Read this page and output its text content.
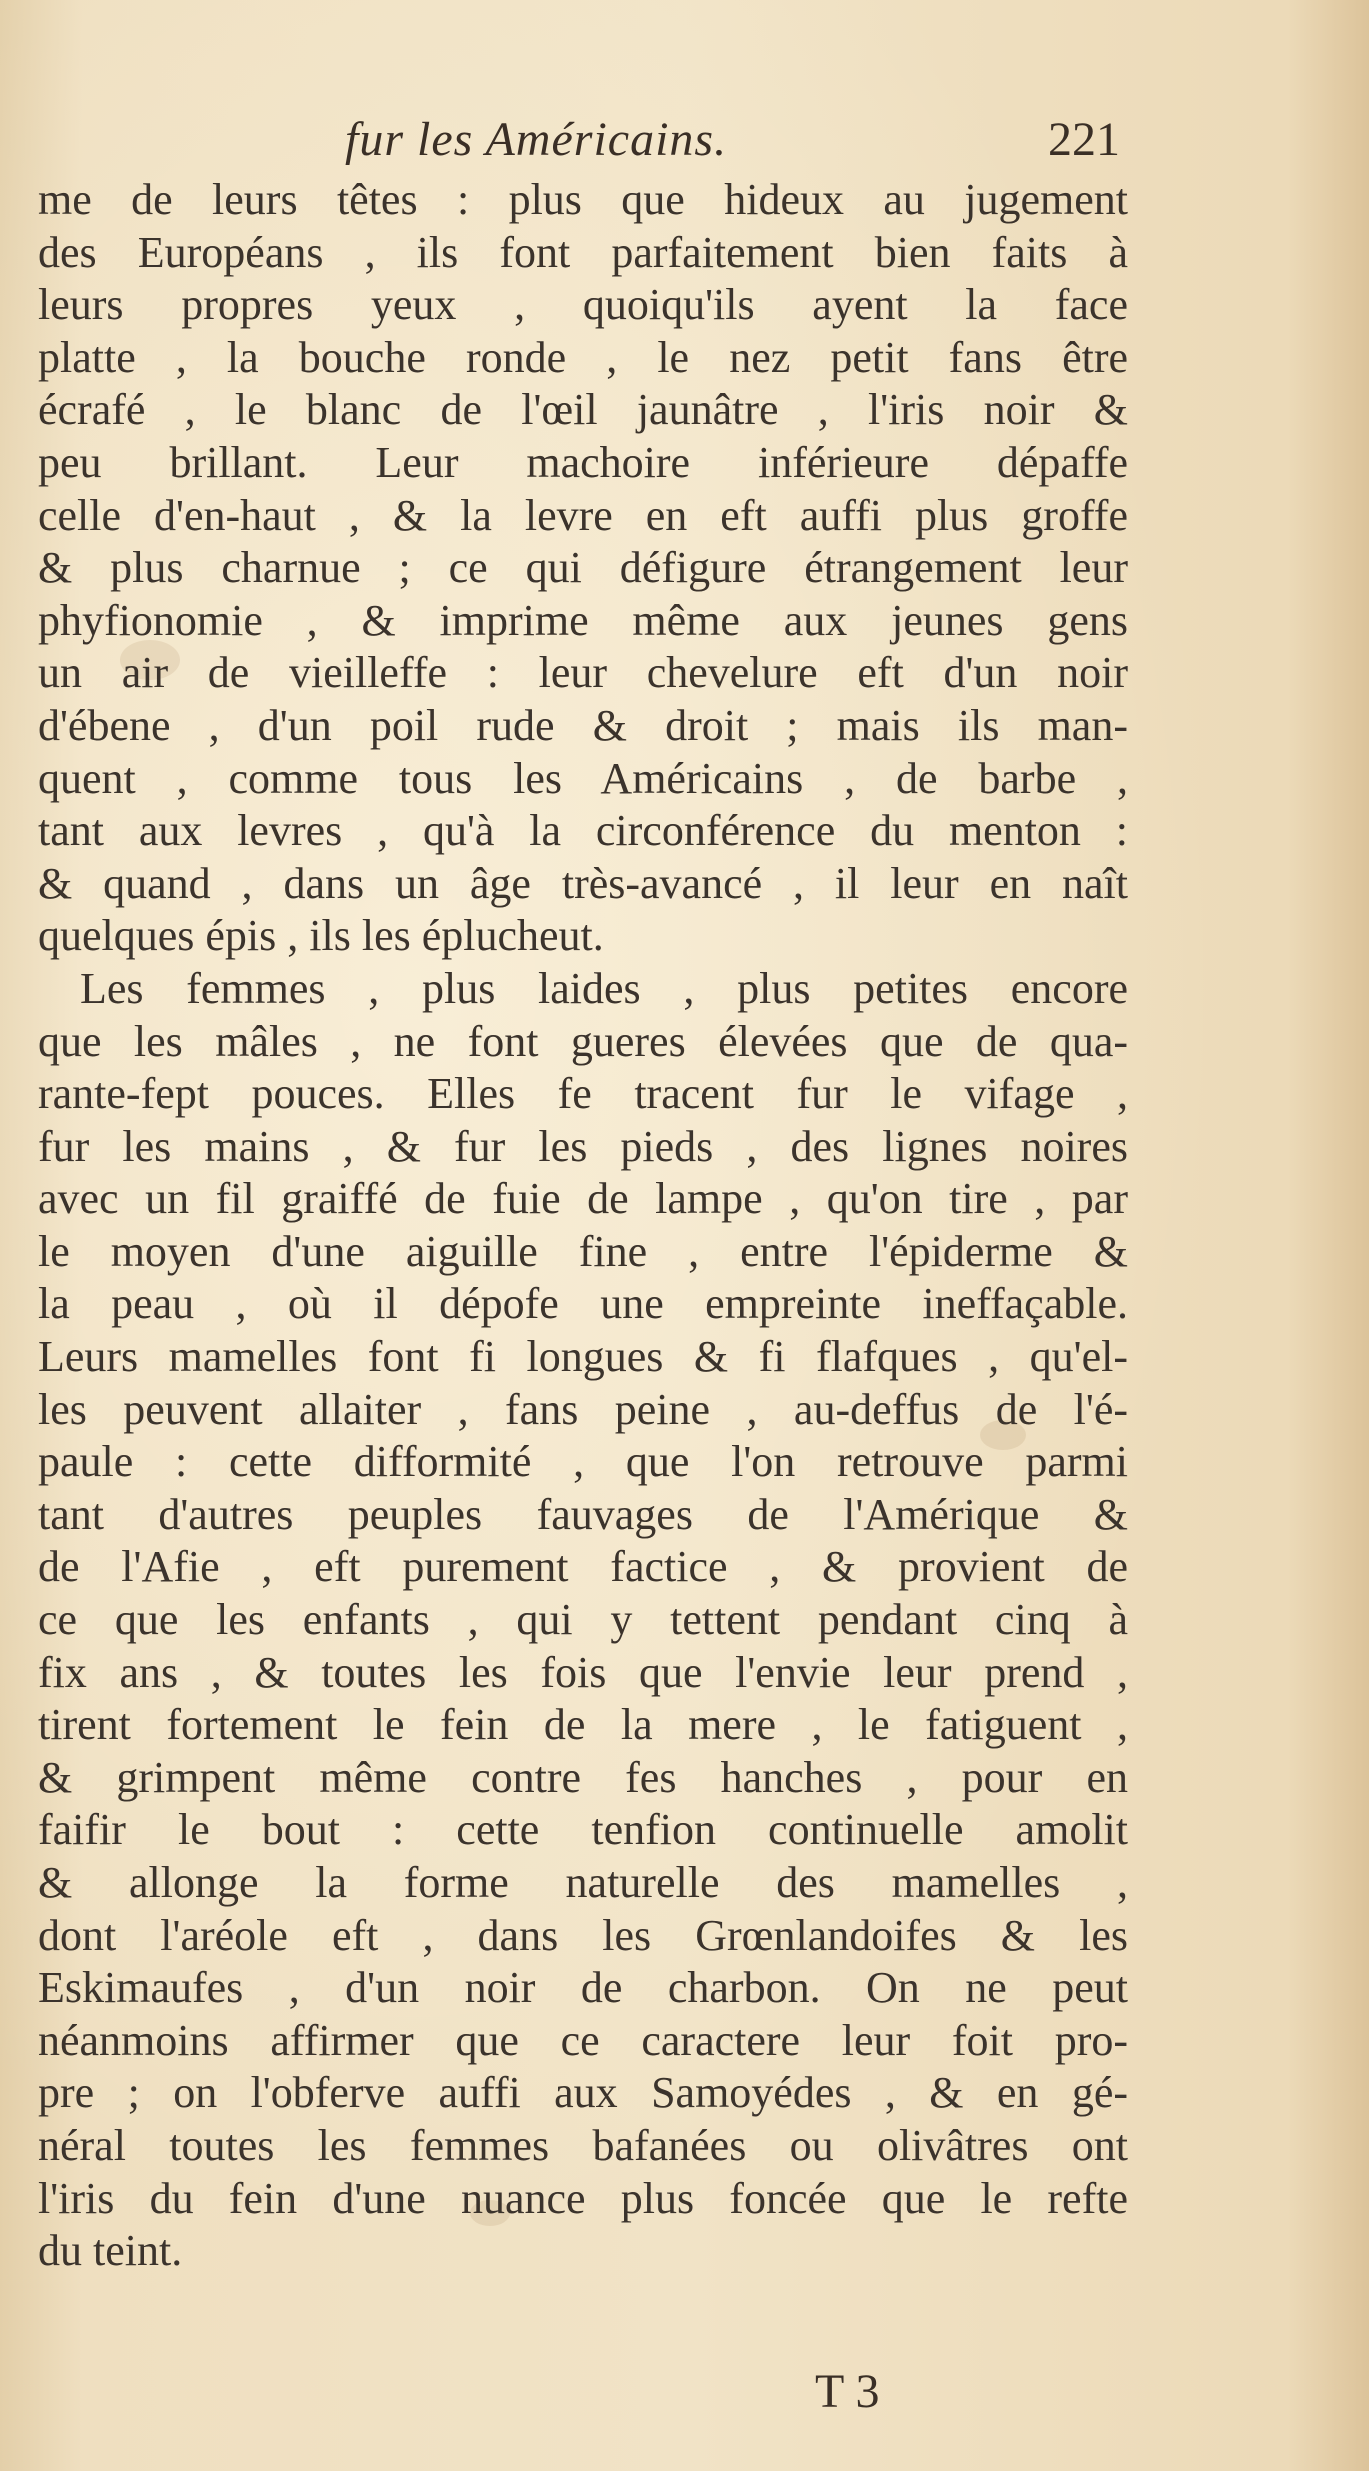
fur les Américains.	221
me de leurs têtes : plus que hideux au jugement
des Européans , ils font parfaitement bien faits à
leurs propres yeux , quoiqu'ils ayent la face
platte , la bouche ronde , le nez petit fans être
écrafé , le blanc de l'œil jaunâtre , l'iris noir &
peu brillant. Leur machoire inférieure dépaffe
celle d'en-haut , & la levre en eft auffi plus groffe
& plus charnue ; ce qui défigure étrangement leur
phyfionomie , & imprime même aux jeunes gens
un air de vieilleffe : leur chevelure eft d'un noir
d'ébene , d'un poil rude & droit ; mais ils man-
quent , comme tous les Américains , de barbe ,
tant aux levres , qu'à la circonférence du menton :
& quand , dans un âge très-avancé , il leur en naît
quelques épis , ils les éplucheut.
Les femmes , plus laides , plus petites encore
que les mâles , ne font gueres élevées que de qua-
rante-fept pouces. Elles fe tracent fur le vifage ,
fur les mains , & fur les pieds , des lignes noires
avec un fil graiffé de fuie de lampe , qu'on tire , par
le moyen d'une aiguille fine , entre l'épiderme &
la peau , où il dépofe une empreinte ineffaçable.
Leurs mamelles font fi longues & fi flafques , qu'el-
les peuvent allaiter , fans peine , au-deffus de l'é-
paule : cette difformité , que l'on retrouve parmi
tant d'autres peuples fauvages de l'Amérique &
de l'Afie , eft purement factice , & provient de
ce que les enfants , qui y tettent pendant cinq à
fix ans , & toutes les fois que l'envie leur prend ,
tirent fortement le fein de la mere , le fatiguent ,
& grimpent même contre fes hanches , pour en
faifir le bout : cette tenfion continuelle amolit
& allonge la forme naturelle des mamelles ,
dont l'aréole eft , dans les Grœnlandoifes & les
Eskimaufes , d'un noir de charbon. On ne peut
néanmoins affirmer que ce caractere leur foit pro-
pre ; on l'obferve auffi aux Samoyédes , & en gé-
néral toutes les femmes bafanées ou olivâtres ont
l'iris du fein d'une nuance plus foncée que le refte
du teint.
T 3
